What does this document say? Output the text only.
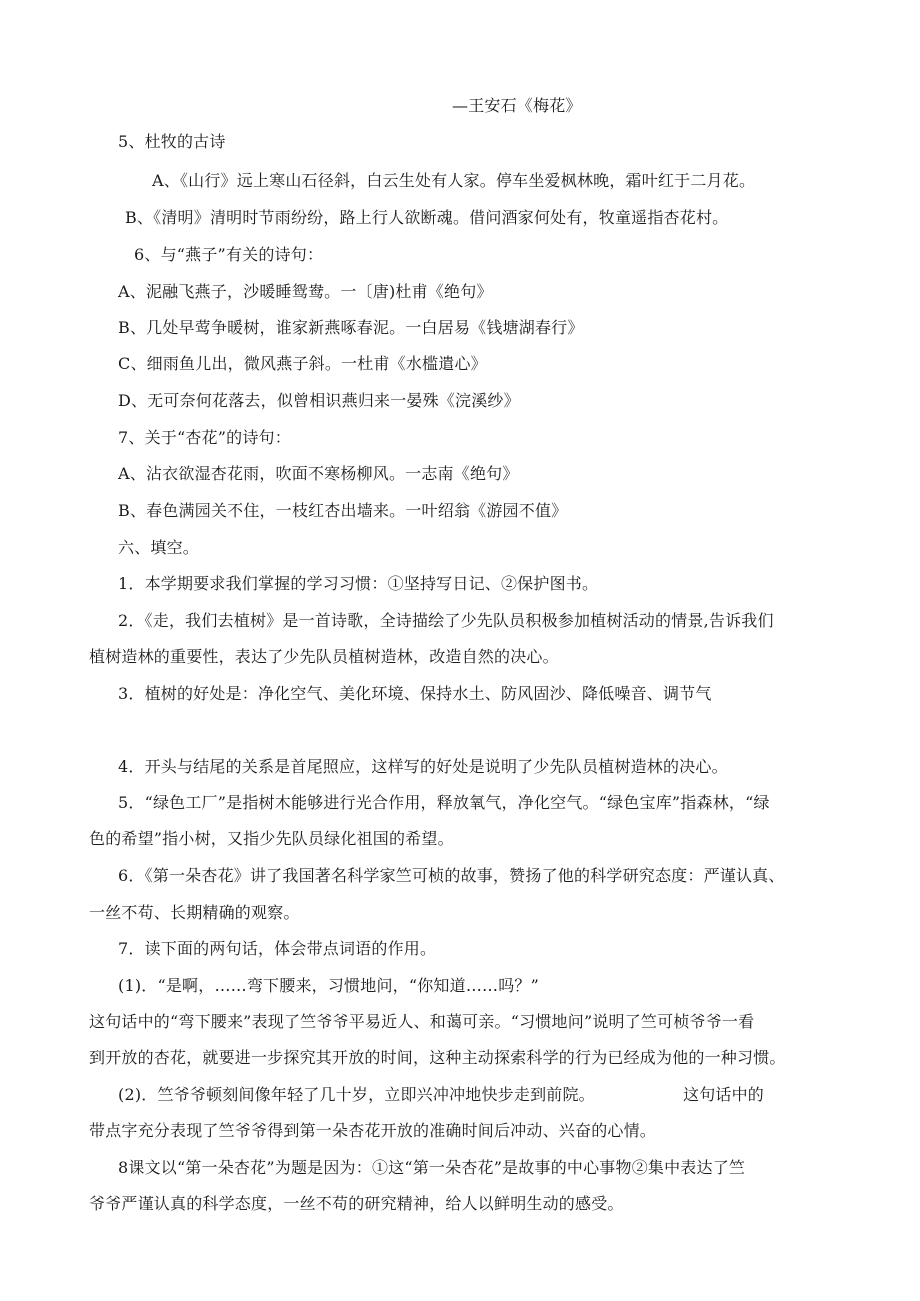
—王安石《梅花》
5、杜牧的古诗
A、《山行》远上寒山石径斜，白云生处有人家。停车坐爱枫林晚，霜叶红于二月花。
B、《清明》清明时节雨纷纷，路上行人欲断魂。借问酒家何处有，牧童遥指杏花村。
6、与“燕子”有关的诗句：
A、泥融飞燕子，沙暖睡鸳鸯。一〔唐)杜甫《绝句》
B、几处早莺争暖树，谁家新燕啄春泥。一白居易《钱塘湖春行》
C、细雨鱼儿出，微风燕子斜。一杜甫《水槛遣心》
D、无可奈何花落去，似曾相识燕归来一晏殊《浣溪纱》
7、关于“杏花”的诗句：
A、沾衣欲湿杏花雨，吹面不寒杨柳风。一志南《绝句》
B、春色满园关不住，一枝红杏出墙来。一叶绍翁《游园不值》
六、填空。
1．本学期要求我们掌握的学习习惯：①坚持写日记、②保护图书。
2．《走，我们去植树》是一首诗歌，全诗描绘了少先队员积极参加植树活动的情景,告诉我们
植树造林的重要性，表达了少先队员植树造林，改造自然的决心。
3．植树的好处是：净化空气、美化环境、保持水土、防风固沙、降低噪音、调节气
4．开头与结尾的关系是首尾照应，这样写的好处是说明了少先队员植树造林的决心。
5．“绿色工厂”是指树木能够进行光合作用，释放氧气，净化空气。“绿色宝库”指森林，“绿
色的希望”指小树，又指少先队员绿化祖国的希望。
6．《第一朵杏花》讲了我国著名科学家竺可桢的故事，赞扬了他的科学研究态度：严谨认真、
一丝不苟、长期精确的观察。
7．读下面的两句话，体会带点词语的作用。
(1)．“是啊，……弯下腰来，习惯地问，“你知道……吗？”
这句话中的“弯下腰来”表现了竺爷爷平易近人、和蔼可亲。“习惯地问”说明了竺可桢爷爷一看
到开放的杏花，就要进一步探究其开放的时间，这种主动探索科学的行为已经成为他的一种习惯。
(2)．竺爷爷顿刻间像年轻了几十岁，立即兴冲冲地快步走到前院。	这句话中的
带点字充分表现了竺爷爷得到第一朵杏花开放的准确时间后冲动、兴奋的心情。
8课文以“第一朵杏花”为题是因为：①这“第一朵杏花”是故事的中心事物②集中表达了竺
爷爷严谨认真的科学态度，一丝不苟的研究精神，给人以鲜明生动的感受。
